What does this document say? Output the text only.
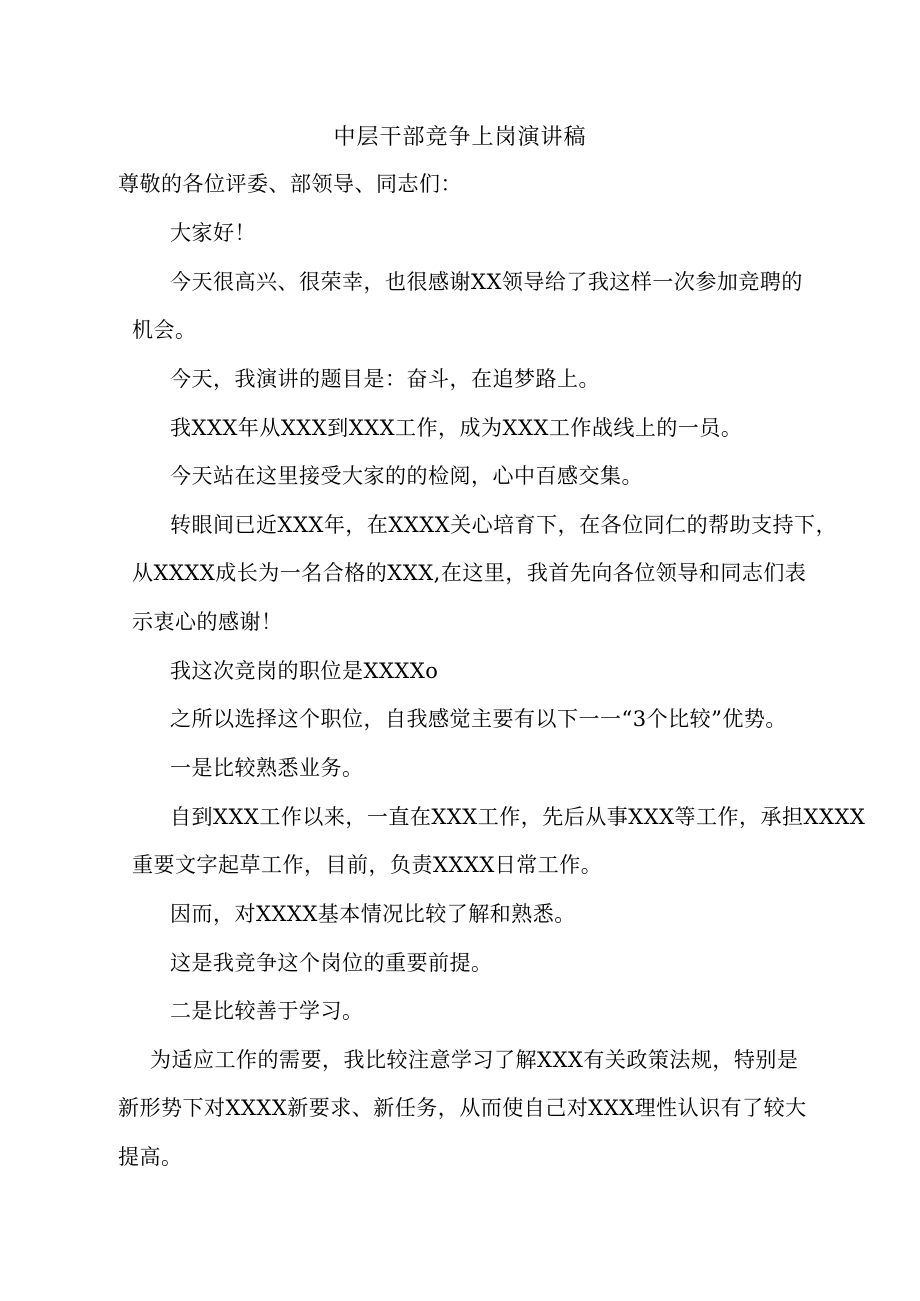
中层干部竞争上岗演讲稿
尊敬的各位评委、部领导、同志们：
大家好！
今天很高兴、很荣幸，也很感谢XX领导给了我这样一次参加竞聘的
机会。
今天，我演讲的题目是：奋斗，在追梦路上。
我XXX年从XXX到XXX工作，成为XXX工作战线上的一员。
今天站在这里接受大家的的检阅，心中百感交集。
转眼间已近XXX年，在XXXX关心培育下，在各位同仁的帮助支持下，
从XXXX成长为一名合格的XXX,在这里，我首先向各位领导和同志们表
示衷心的感谢！
我这次竞岗的职位是XXXXo
之所以选择这个职位，自我感觉主要有以下一一“3个比较”优势。
一是比较熟悉业务。
自到XXX工作以来，一直在XXX工作，先后从事XXX等工作，承担XXXX
重要文字起草工作，目前，负责XXXX日常工作。
因而，对XXXX基本情况比较了解和熟悉。
这是我竞争这个岗位的重要前提。
二是比较善于学习。
为适应工作的需要，我比较注意学习了解XXX有关政策法规，特别是
新形势下对XXXX新要求、新任务，从而使自己对XXX理性认识有了较大
提高。
